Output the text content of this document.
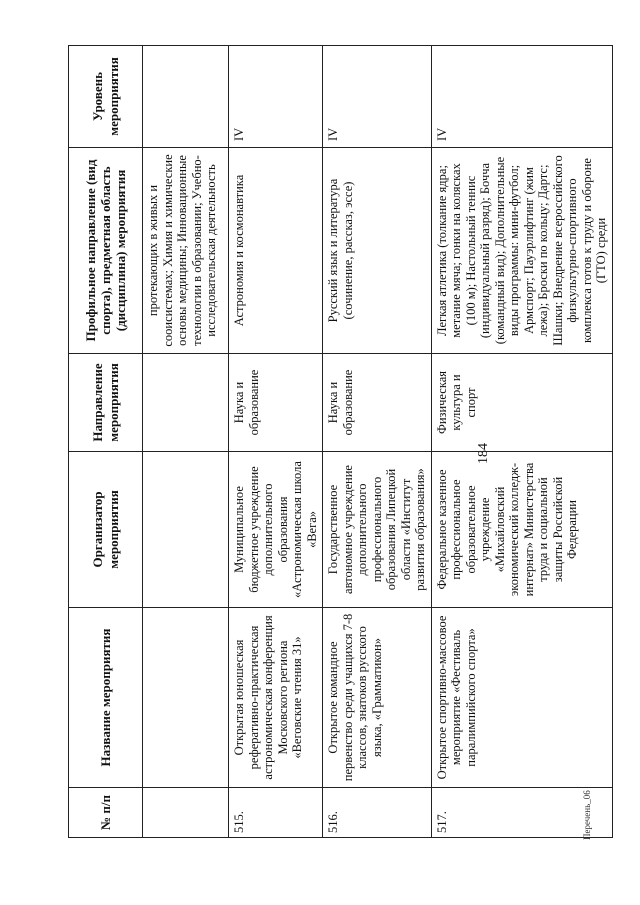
184
№ п/п	Название мероприятия	Организатор мероприятия	Направление мероприятия	Профильное направление (вид спорта), предметная область (дисциплина) мероприятия	Уровень мероприятия
				протекающих в живых и сооисистемах; Химия и химические основы медицины; Инновационные технологии в образовании; Учебно-исследовательская деятельность	
515.	Открытая юношеская реферативно-практическая астрономическая конференция Московского региона «Веговские чтения 31»	Муниципальное бюджетное учреждение дополнительного образования «Астрономическая школа «Вега»	Наука и образование	Астрономия и космонавтика	IV
516.	Открытое командное первенство среди учащихся 7-8 классов, знатоков русского языка, «Грамматикон»	Государственное автономное учреждение дополнительного профессионального образования Липецкой области «Институт развития образования»	Наука и образование	Русский язык и литература (сочинение, рассказ, эссе)	IV
517.	Открытое спортивно-массовое мероприятие «Фестиваль паралимпийского спорта»	Федеральное казенное профессиональное образовательное учреждение «Михайловский экономический колледж-интернат» Министерства труда и социальной защиты Российской Федерации	Физическая культура и спорт	Легкая атлетика (толкание ядра; метание мяча; гонки на колясках (100 м); Настольный теннис (индивидуальный разряд); Бочча (командный вид); Дополнительные виды программы: мини-футбол; Армспорт; Пауэрлифтинг (жим лежа); Броски по кольцу; Дартс; Шашки; Внедрение всероссийского физкультурно-спортивного комплекса готов к труду и обороне (ГТО) среди	IV
Перечень_06
